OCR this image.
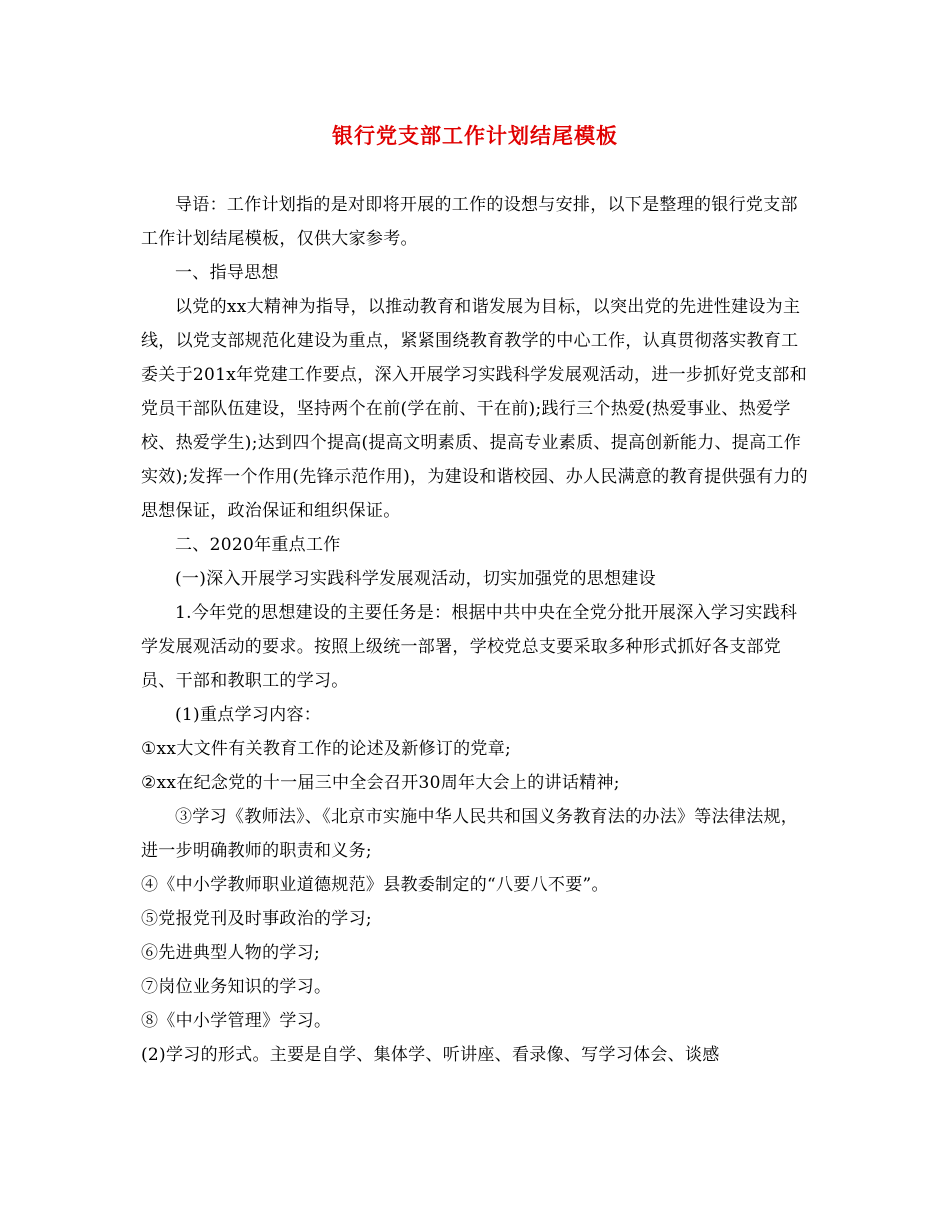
银行党支部工作计划结尾模板

导语：工作计划指的是对即将开展的工作的设想与安排，以下是整理的银行党支部工作计划结尾模板，仅供大家参考。

一、指导思想

以党的xx大精神为指导，以推动教育和谐发展为目标，以突出党的先进性建设为主线，以党支部规范化建设为重点，紧紧围绕教育教学的中心工作，认真贯彻落实教育工委关于201x年党建工作要点，深入开展学习实践科学发展观活动，进一步抓好党支部和党员干部队伍建设，坚持两个在前(学在前、干在前);践行三个热爱(热爱事业、热爱学校、热爱学生);达到四个提高(提高文明素质、提高专业素质、提高创新能力、提高工作实效);发挥一个作用(先锋示范作用)，为建设和谐校园、办人民满意的教育提供强有力的思想保证，政治保证和组织保证。

二、2020年重点工作

(一)深入开展学习实践科学发展观活动，切实加强党的思想建设

1.今年党的思想建设的主要任务是：根据中共中央在全党分批开展深入学习实践科学发展观活动的要求。按照上级统一部署，学校党总支要采取多种形式抓好各支部党员、干部和教职工的学习。

(1)重点学习内容：

①xx大文件有关教育工作的论述及新修订的党章;

②xx在纪念党的十一届三中全会召开30周年大会上的讲话精神;

③学习《教师法》、《北京市实施中华人民共和国义务教育法的办法》等法律法规，进一步明确教师的职责和义务;

④《中小学教师职业道德规范》县教委制定的“八要八不要”。

⑤党报党刊及时事政治的学习;

⑥先进典型人物的学习;

⑦岗位业务知识的学习。

⑧《中小学管理》学习。

(2)学习的形式。主要是自学、集体学、听讲座、看录像、写学习体会、谈感
